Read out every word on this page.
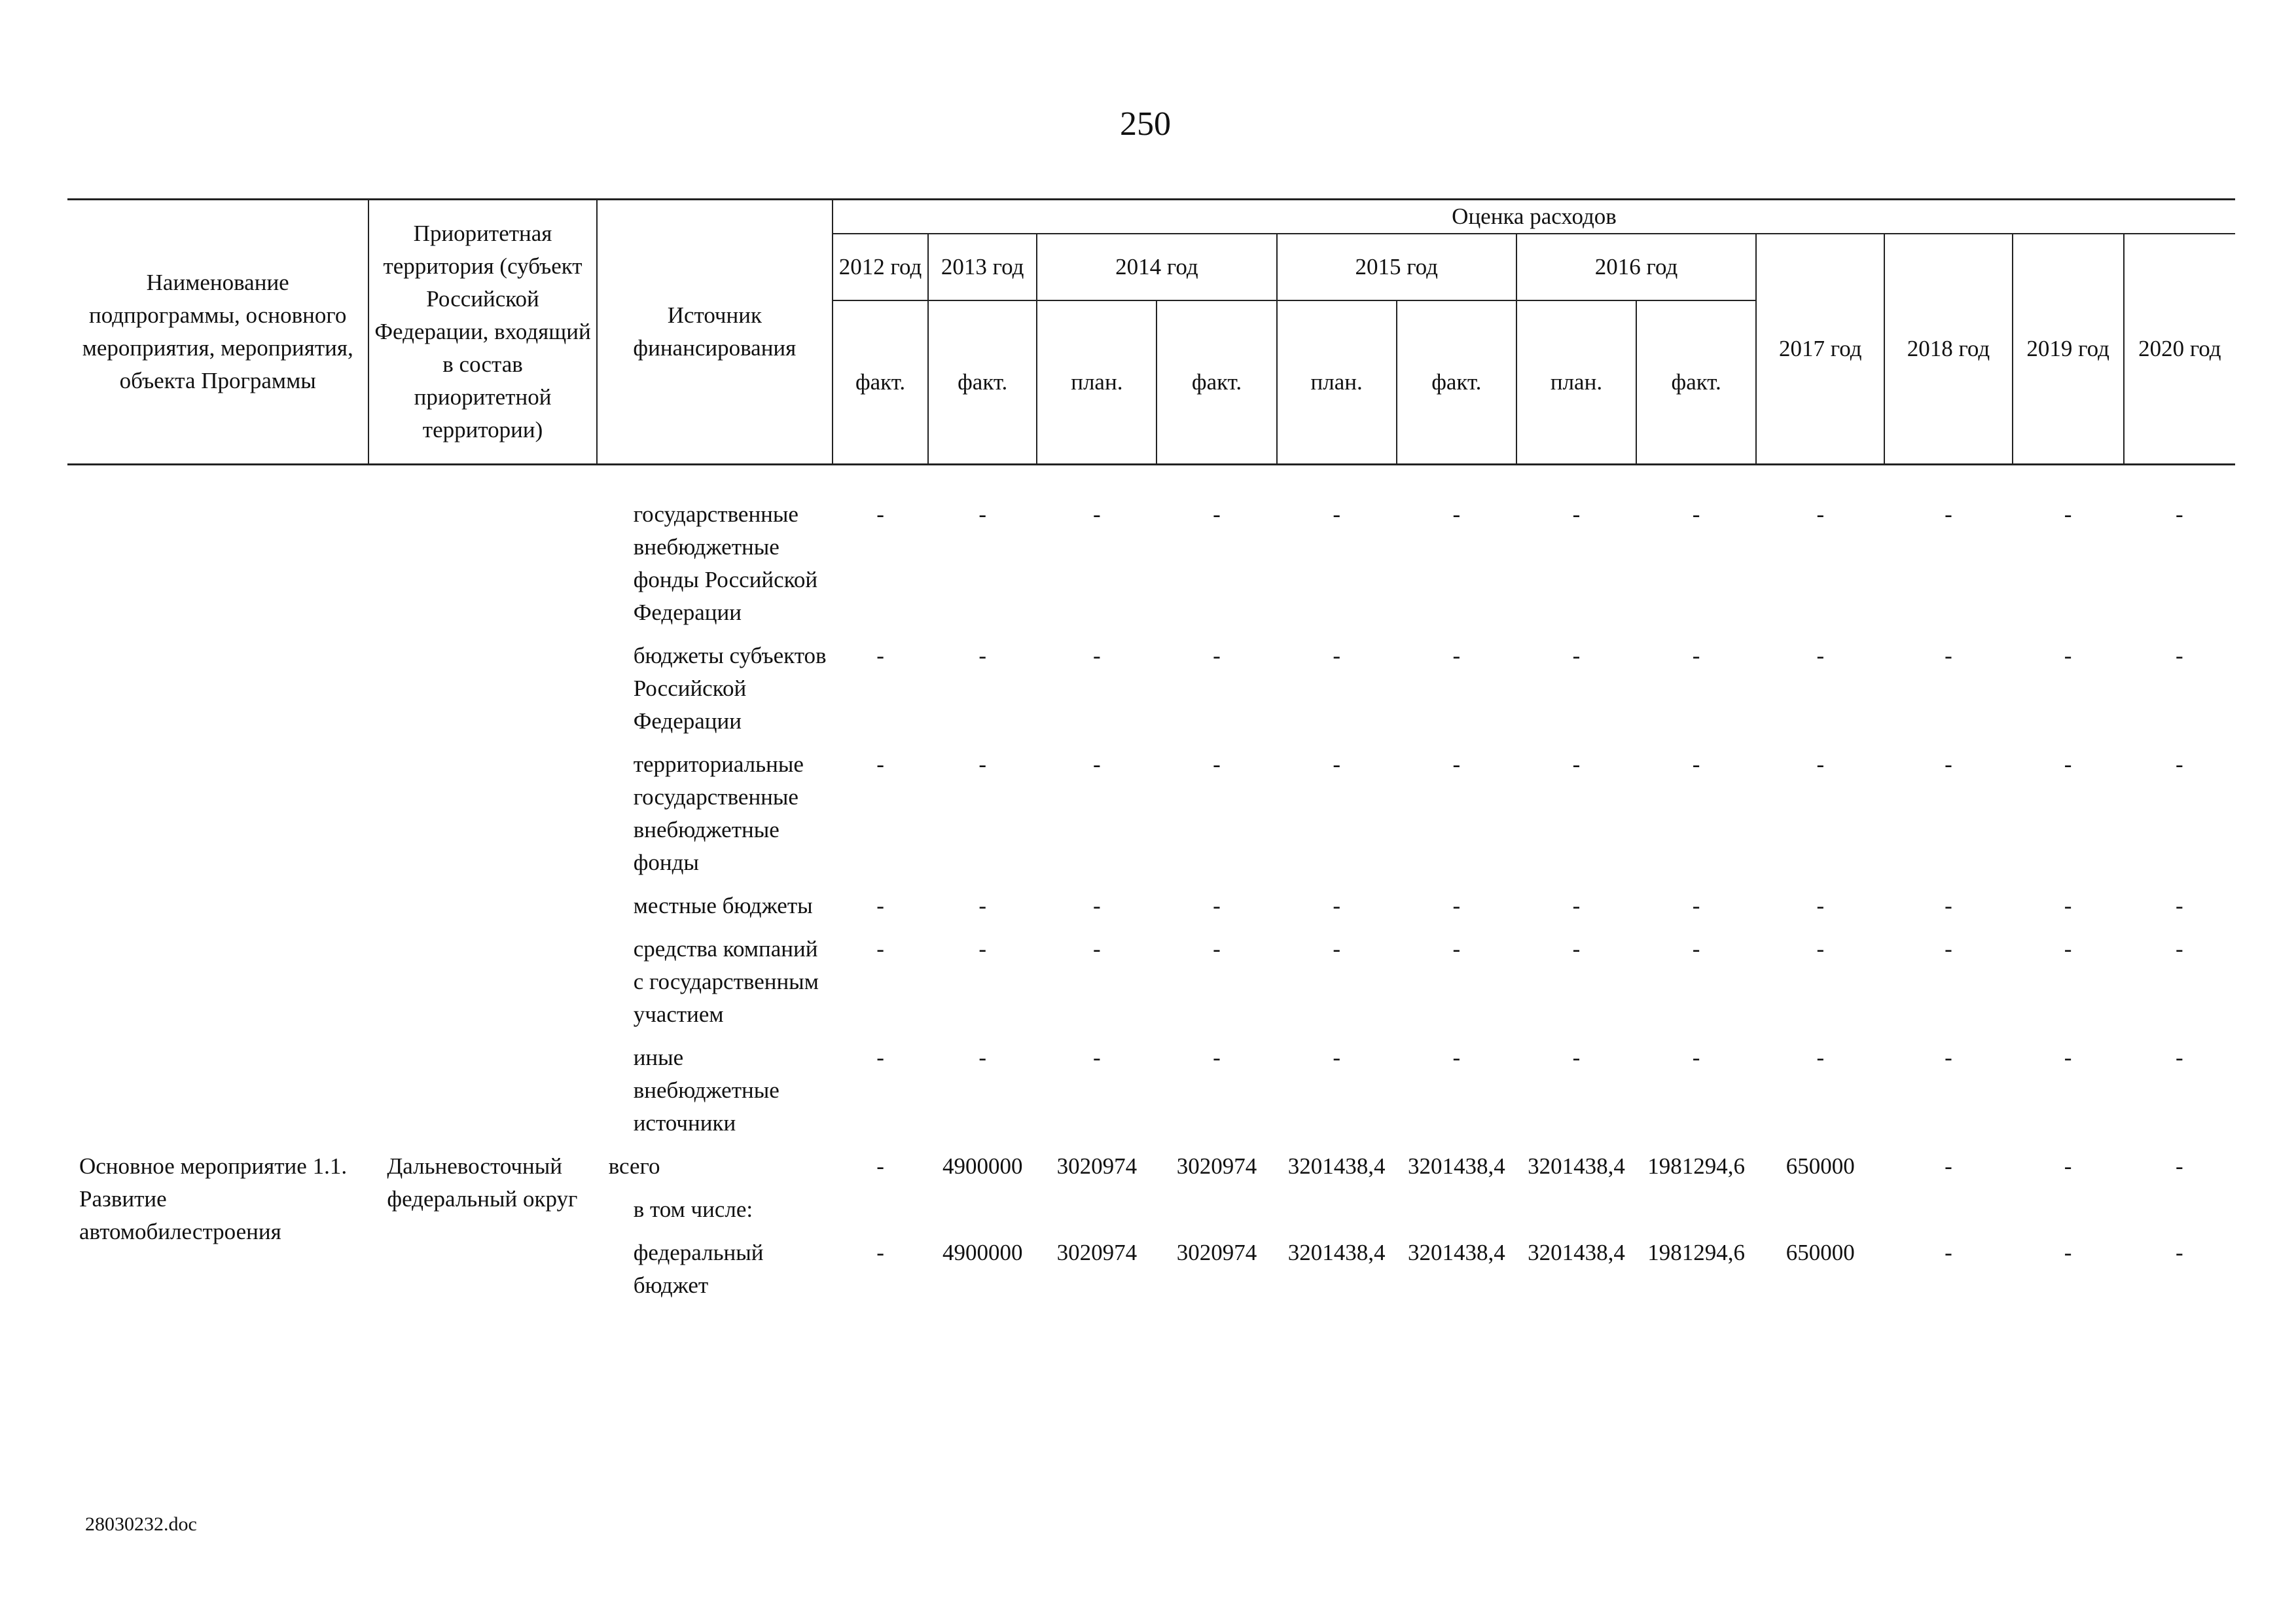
250
Наименование подпрограммы, основного мероприятия, мероприятия, объекта Программы	Приоритетная территория (субъект Российской Федерации, входящий в состав приоритетной территории)	Источник финансирования	Оценка расходов											
			2012 год	2013 год	2014 год		2015 год		2016 год		2017 год	2018 год	2019 год	2020 год
			факт.	факт.	план.	факт.	план.	факт.	план.	факт.				

		государственные внебюджетные фонды Российской Федерации	-	-	-	-	-	-	-	-	-	-	-	-
		бюджеты субъектов Российской Федерации	-	-	-	-	-	-	-	-	-	-	-	-
		территориальные государственные внебюджетные фонды	-	-	-	-	-	-	-	-	-	-	-	-
		местные бюджеты	-	-	-	-	-	-	-	-	-	-	-	-
		средства компаний с государственным участием	-	-	-	-	-	-	-	-	-	-	-	-
		иные внебюджетные источники	-	-	-	-	-	-	-	-	-	-	-	-
Основное мероприятие 1.1. Развитие автомобилестроения	Дальневосточный федеральный округ	всего	-	4900000	3020974	3020974	3201438,4	3201438,4	3201438,4	1981294,6	650000	-	-	-
		в том числе:												
		федеральный бюджет	-	4900000	3020974	3020974	3201438,4	3201438,4	3201438,4	1981294,6	650000	-	-	-
28030232.doc
